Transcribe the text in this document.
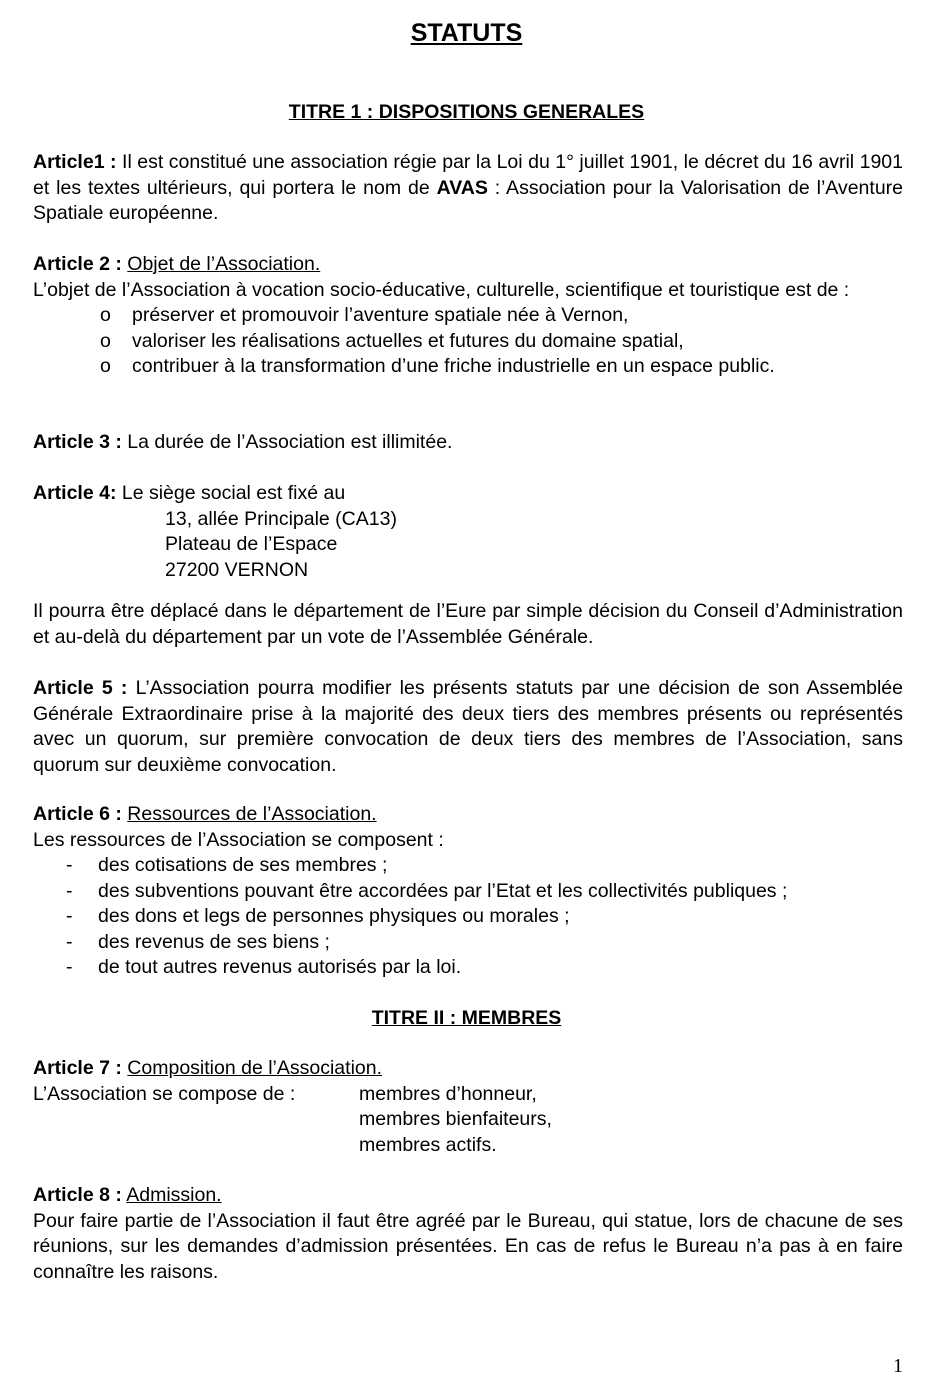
STATUTS
TITRE 1 : DISPOSITIONS GENERALES

Article1 : Il est constitué une association régie par la Loi du 1° juillet 1901, le décret du 16 avril 1901 et les textes ultérieurs, qui portera le nom de AVAS : Association pour la Valorisation de l’Aventure Spatiale européenne.

Article 2 : Objet de l’Association.

L’objet de l’Association à vocation socio-éducative, culturelle, scientifique et touristique est de :

o préserver et promouvoir l’aventure spatiale née à Vernon,
o valoriser les réalisations actuelles et futures du domaine spatial,
o contribuer à la transformation d’une friche industrielle en un espace public.

Article 3 : La durée de l’Association est illimitée.

Article 4: Le siège social est fixé au

13, allée Principale (CA13)

Plateau de l’Espace

27200 VERNON

Il pourra être déplacé dans le département de l’Eure par simple décision du Conseil d’Administration et au-delà du département par un vote de l’Assemblée Générale.

Article 5 : L’Association pourra modifier les présents statuts par une décision de son Assemblée Générale Extraordinaire prise à la majorité des deux tiers des membres présents ou représentés avec un quorum, sur première convocation de deux tiers des membres de l’Association, sans quorum sur deuxième convocation.

Article 6 : Ressources de l’Association.

Les ressources de l’Association se composent :

- des cotisations de ses membres ;
- des subventions pouvant être accordées par l’Etat et les collectivités publiques ;
- des dons et legs de personnes physiques ou morales ;
- des revenus de ses biens ;
- de tout autres revenus autorisés par la loi.
TITRE II : MEMBRES

Article 7 : Composition de l’Association.

L’Association se compose de :	membres d’honneur,
membres bienfaiteurs,
membres actifs.

Article 8 : Admission.

Pour faire partie de l’Association il faut être agréé par le Bureau, qui statue, lors de chacune de ses réunions, sur les demandes d’admission présentées. En cas de refus le Bureau n’a pas à en faire connaître les raisons.

1
